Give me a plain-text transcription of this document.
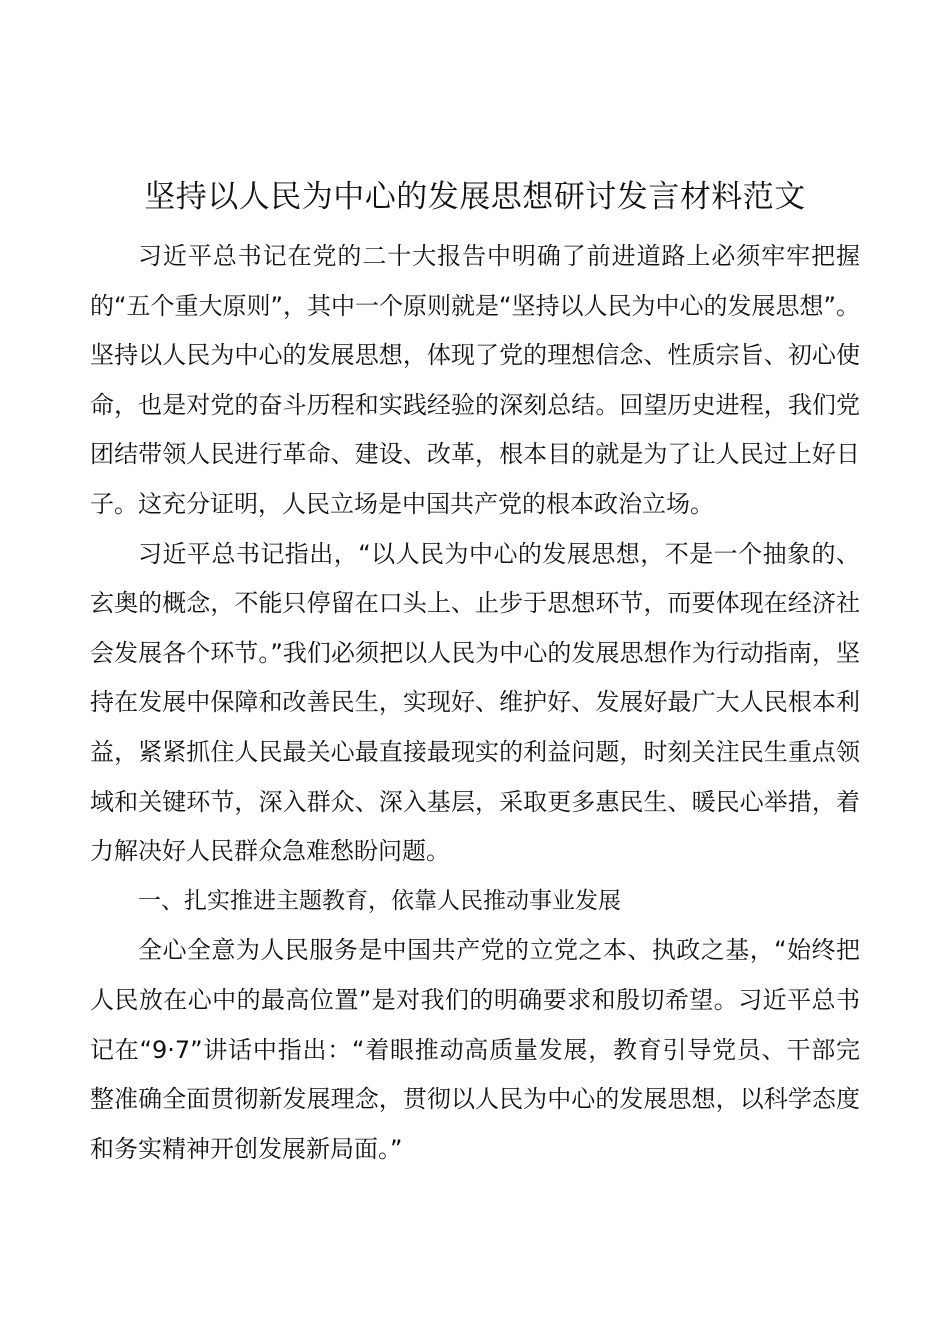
坚持以人民为中心的发展思想研讨发言材料范文

习近平总书记在党的二十大报告中明确了前进道路上必须牢牢把握的“五个重大原则”，其中一个原则就是“坚持以人民为中心的发展思想”。坚持以人民为中心的发展思想，体现了党的理想信念、性质宗旨、初心使命，也是对党的奋斗历程和实践经验的深刻总结。回望历史进程，我们党团结带领人民进行革命、建设、改革，根本目的就是为了让人民过上好日子。这充分证明，人民立场是中国共产党的根本政治立场。

习近平总书记指出，“以人民为中心的发展思想，不是一个抽象的、玄奥的概念，不能只停留在口头上、止步于思想环节，而要体现在经济社会发展各个环节。”我们必须把以人民为中心的发展思想作为行动指南，坚持在发展中保障和改善民生，实现好、维护好、发展好最广大人民根本利益，紧紧抓住人民最关心最直接最现实的利益问题，时刻关注民生重点领域和关键环节，深入群众、深入基层，采取更多惠民生、暖民心举措，着力解决好人民群众急难愁盼问题。

一、扎实推进主题教育，依靠人民推动事业发展

全心全意为人民服务是中国共产党的立党之本、执政之基，“始终把人民放在心中的最高位置”是对我们的明确要求和殷切希望。习近平总书记在“9·7”讲话中指出：“着眼推动高质量发展，教育引导党员、干部完整准确全面贯彻新发展理念，贯彻以人民为中心的发展思想，以科学态度和务实精神开创发展新局面。”
